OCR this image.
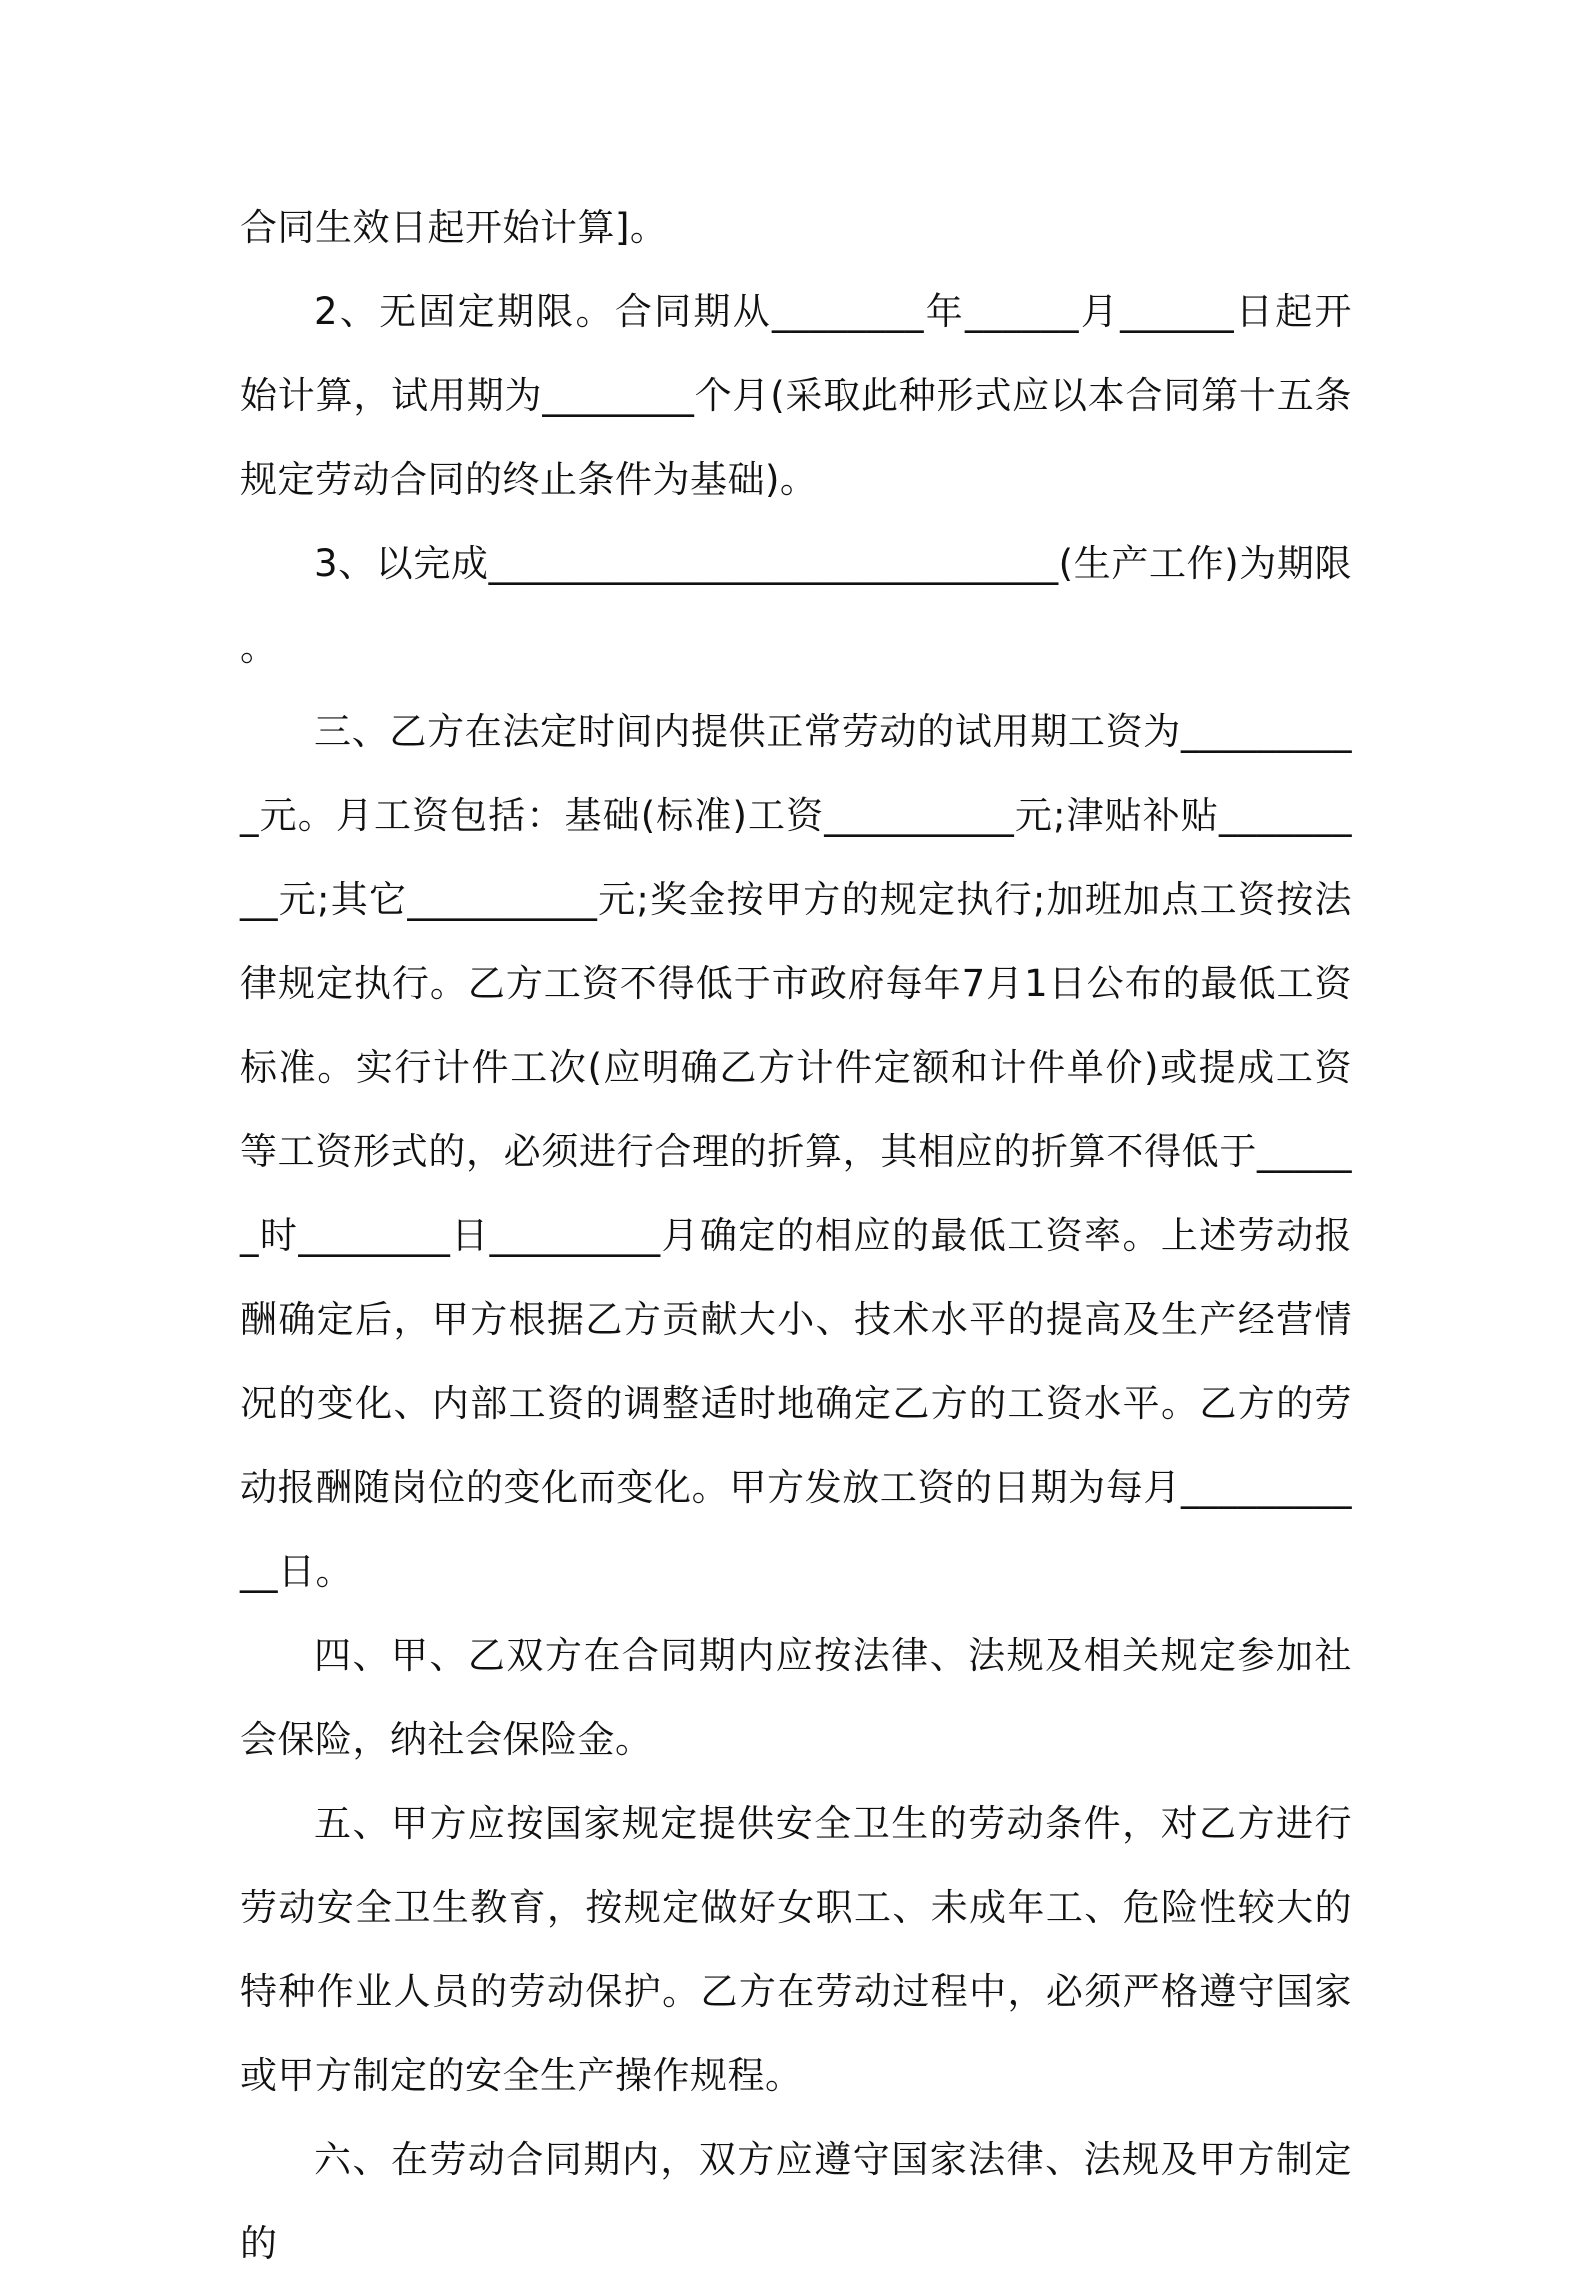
合同生效日起开始计算]。

2、无固定期限。合同期从________年______月______日起开始计算，试用期为________个月(采取此种形式应以本合同第十五条规定劳动合同的终止条件为基础)。

3、以完成______________________________(生产工作)为期限。

三、乙方在法定时间内提供正常劳动的试用期工资为__________元。月工资包括：基础(标准)工资__________元;津贴补贴_________元;其它__________元;奖金按甲方的规定执行;加班加点工资按法律规定执行。乙方工资不得低于市政府每年7月1日公布的最低工资标准。实行计件工次(应明确乙方计件定额和计件单价)或提成工资等工资形式的，必须进行合理的折算，其相应的折算不得低于______时________日_________月确定的相应的最低工资率。上述劳动报酬确定后，甲方根据乙方贡献大小、技术水平的提高及生产经营情况的变化、内部工资的调整适时地确定乙方的工资水平。乙方的劳动报酬随岗位的变化而变化。甲方发放工资的日期为每月___________日。

四、甲、乙双方在合同期内应按法律、法规及相关规定参加社会保险，纳社会保险金。

五、甲方应按国家规定提供安全卫生的劳动条件，对乙方进行劳动安全卫生教育，按规定做好女职工、未成年工、危险性较大的特种作业人员的劳动保护。乙方在劳动过程中，必须严格遵守国家或甲方制定的安全生产操作规程。

六、在劳动合同期内，双方应遵守国家法律、法规及甲方制定的
